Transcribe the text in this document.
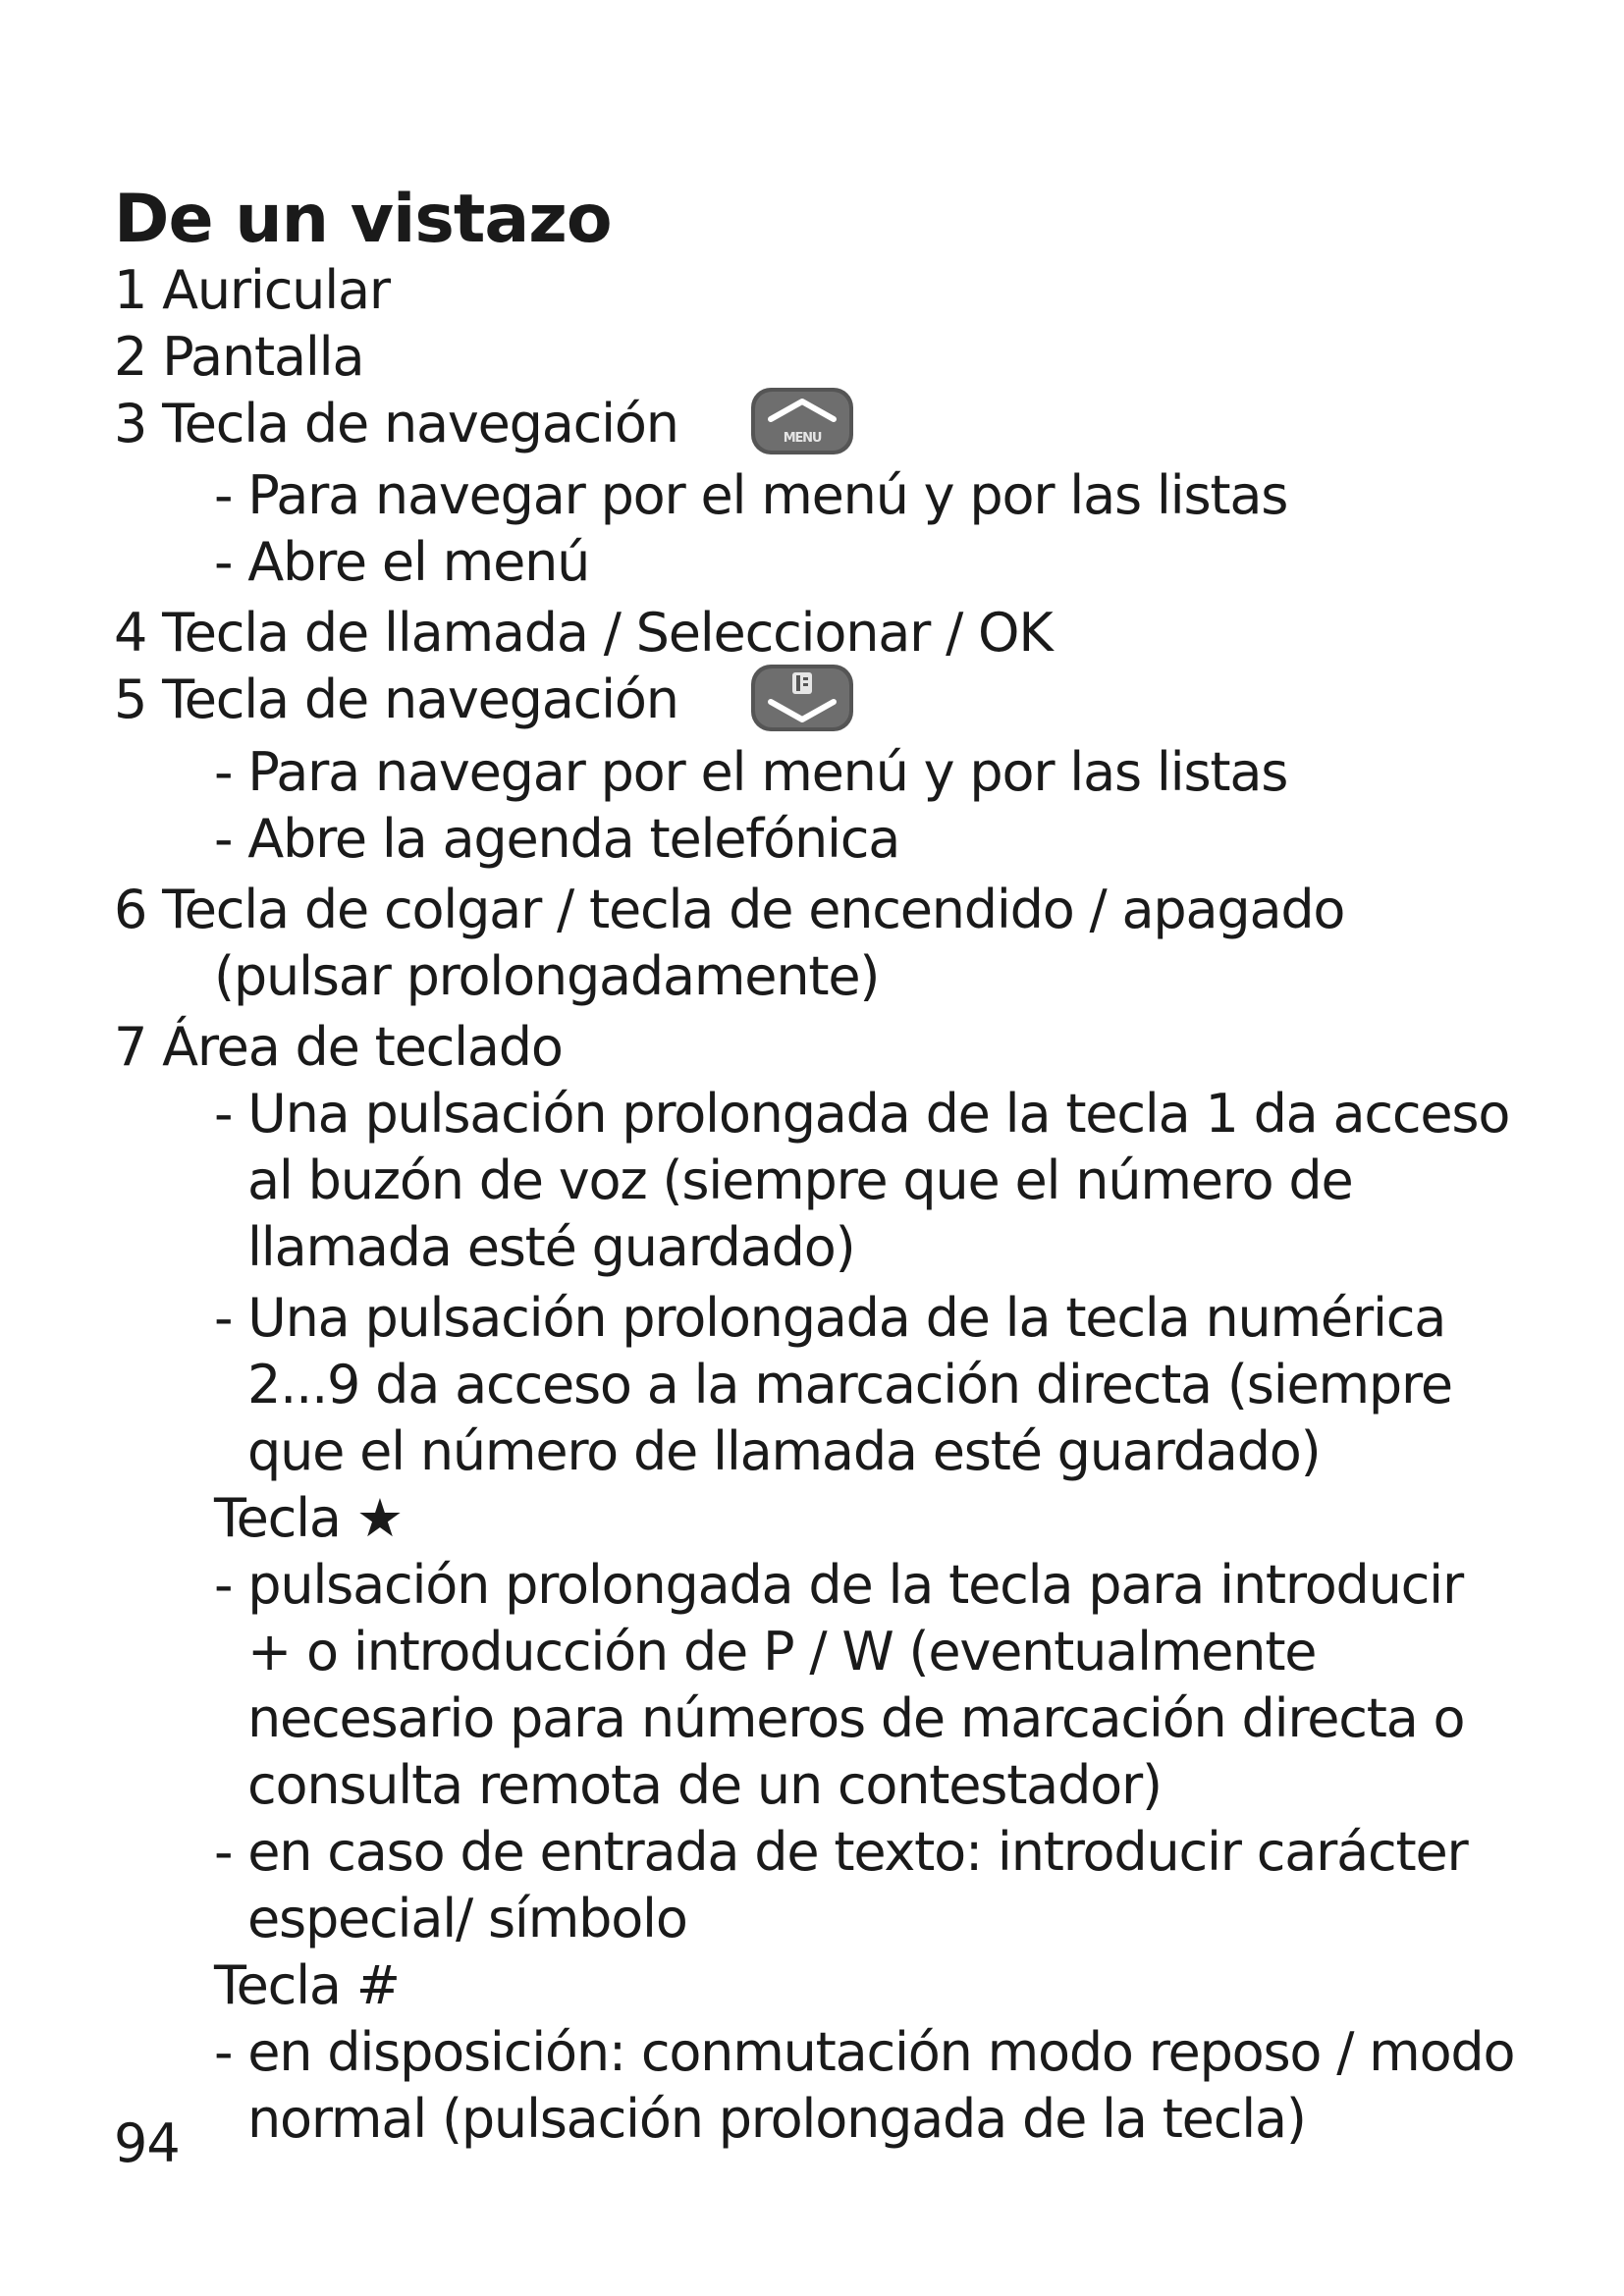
De un vistazo

1 Auricular

2 Pantalla

3 Tecla de navegación	MENU

- Para navegar por el menú y por las listas

- Abre el menú

4 Tecla de llamada / Seleccionar / OK

5 Tecla de navegación

- Para navegar por el menú y por las listas

- Abre la agenda telefónica

6 Tecla de colgar / tecla de encendido / apagado

(pulsar prolongadamente)

7 Área de teclado

- Una pulsación prolongada de la tecla 1 da acceso

al buzón de voz (siempre que el número de

llamada esté guardado)

- Una pulsación prolongada de la tecla numérica

2...9 da acceso a la marcación directa (siempre

que el número de llamada esté guardado)

Tecla ★

- pulsación prolongada de la tecla para introducir

+ o introducción de P / W (eventualmente

necesario para números de marcación directa o

consulta remota de un contestador)

- en caso de entrada de texto: introducir carácter

especial/ símbolo

Tecla #

- en disposición: conmutación modo reposo / modo

normal (pulsación prolongada de la tecla)

94
